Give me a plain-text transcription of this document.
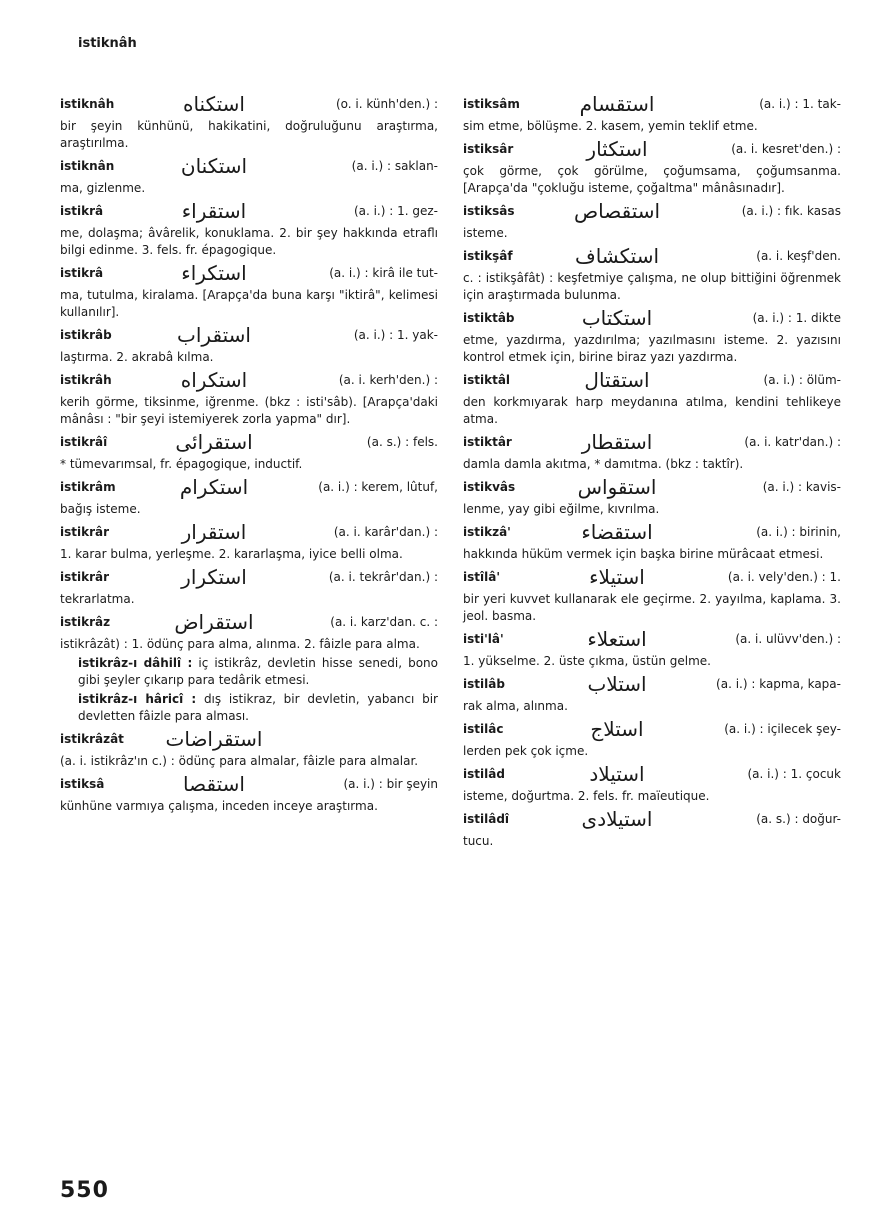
istiknâh
istiknâh	استکناه	(o. i. künh'den.) :
bir şeyin künhünü, hakikatini, doğruluğunu araştırma, araştırılma.
istiknân	استکنان	(a. i.) : saklan-
ma, gizlenme.
istikrâ	استقراء	(a. i.) : 1. gez-
me, dolaşma; âvârelik, konuklama. 2. bir şey hakkında etraflı bilgi edinme. 3. fels. fr. épagogique.
istikrâ	استکراء	(a. i.) : kirâ ile tut-
ma, tutulma, kiralama. [Arapça'da buna karşı "iktirâ", kelimesi kullanılır].
istikrâb	استقراب	(a. i.) : 1. yak-
laştırma. 2. akrabâ kılma.
istikrâh	استکراه	(a. i. kerh'den.) :
kerih görme, tiksinme, iğrenme. (bkz : isti'sâb). [Arapça'daki mânâsı : "bir şeyi istemiyerek zorla yapma" dır].
istikrâî	استقرائی	(a. s.) : fels.
* tümevarımsal, fr. épagogique, inductif.
istikrâm	استکرام	(a. i.) : kerem, lûtuf,
bağış isteme.
istikrâr	استقرار	(a. i. karâr'dan.) :
1. karar bulma, yerleşme. 2. kararlaşma, iyice belli olma.
istikrâr	استکرار	(a. i. tekrâr'dan.) :
tekrarlatma.
istikrâz	استقراض	(a. i. karz'dan. c. :
istikrâzât) : 1. ödünç para alma, alınma. 2. fâizle para alma.
istikrâz-ı dâhilî : iç istikrâz, devletin hisse senedi, bono gibi şeyler çıkarıp para tedârik etmesi.
istikrâz-ı hâricî : dış istikraz, bir devletin, yabancı bir devletten fâizle para alması.
istikrâzât	استقراضات
(a. i. istikrâz'ın c.) : ödünç para almalar, fâizle para almalar.
istiksâ	استقصا	(a. i.) : bir şeyin
künhüne varmıya çalışma, inceden inceye araştırma.
istiksâm	استقسام	(a. i.) : 1. tak-
sim etme, bölüşme. 2. kasem, yemin teklif etme.
istiksâr	استکثار	(a. i. kesret'den.) :
çok görme, çok görülme, çoğumsama, çoğumsanma. [Arapça'da "çokluğu isteme, çoğaltma" mânâsınadır].
istiksâs	استقصاص	(a. i.) : fık. kasas
isteme.
istikşâf	استکشاف	(a. i. keşf'den.
c. : istikşâfât) : keşfetmiye çalışma, ne olup bittiğini öğrenmek için araştırmada bulunma.
istiktâb	استکتاب	(a. i.) : 1. dikte
etme, yazdırma, yazdırılma; yazılmasını isteme. 2. yazısını kontrol etmek için, birine biraz yazı yazdırma.
istiktâl	استقتال	(a. i.) : ölüm-
den korkmıyarak harp meydanına atılma, kendini tehlikeye atma.
istiktâr	استقطار	(a. i. katr'dan.) :
damla damla akıtma, * damıtma. (bkz : taktîr).
istikvâs	استقواس	(a. i.) : kavis-
lenme, yay gibi eğilme, kıvrılma.
istikzâ'	استقضاء	(a. i.) : birinin,
hakkında hüküm vermek için başka birine mürâcaat etmesi.
istîlâ'	استیلاء	(a. i. vely'den.) : 1.
bir yeri kuvvet kullanarak ele geçirme. 2. yayılma, kaplama. 3. jeol. basma.
isti'lâ'	استعلاء	(a. i. ulüvv'den.) :
1. yükselme. 2. üste çıkma, üstün gelme.
istilâb	استلاب	(a. i.) : kapma, kapa-
rak alma, alınma.
istilâc	استلاج	(a. i.) : içilecek şey-
lerden pek çok içme.
istilâd	استیلاد	(a. i.) : 1. çocuk
isteme, doğurtma. 2. fels. fr. maïeutique.
istilâdî	استیلادی	(a. s.) : doğur-
tucu.
550
